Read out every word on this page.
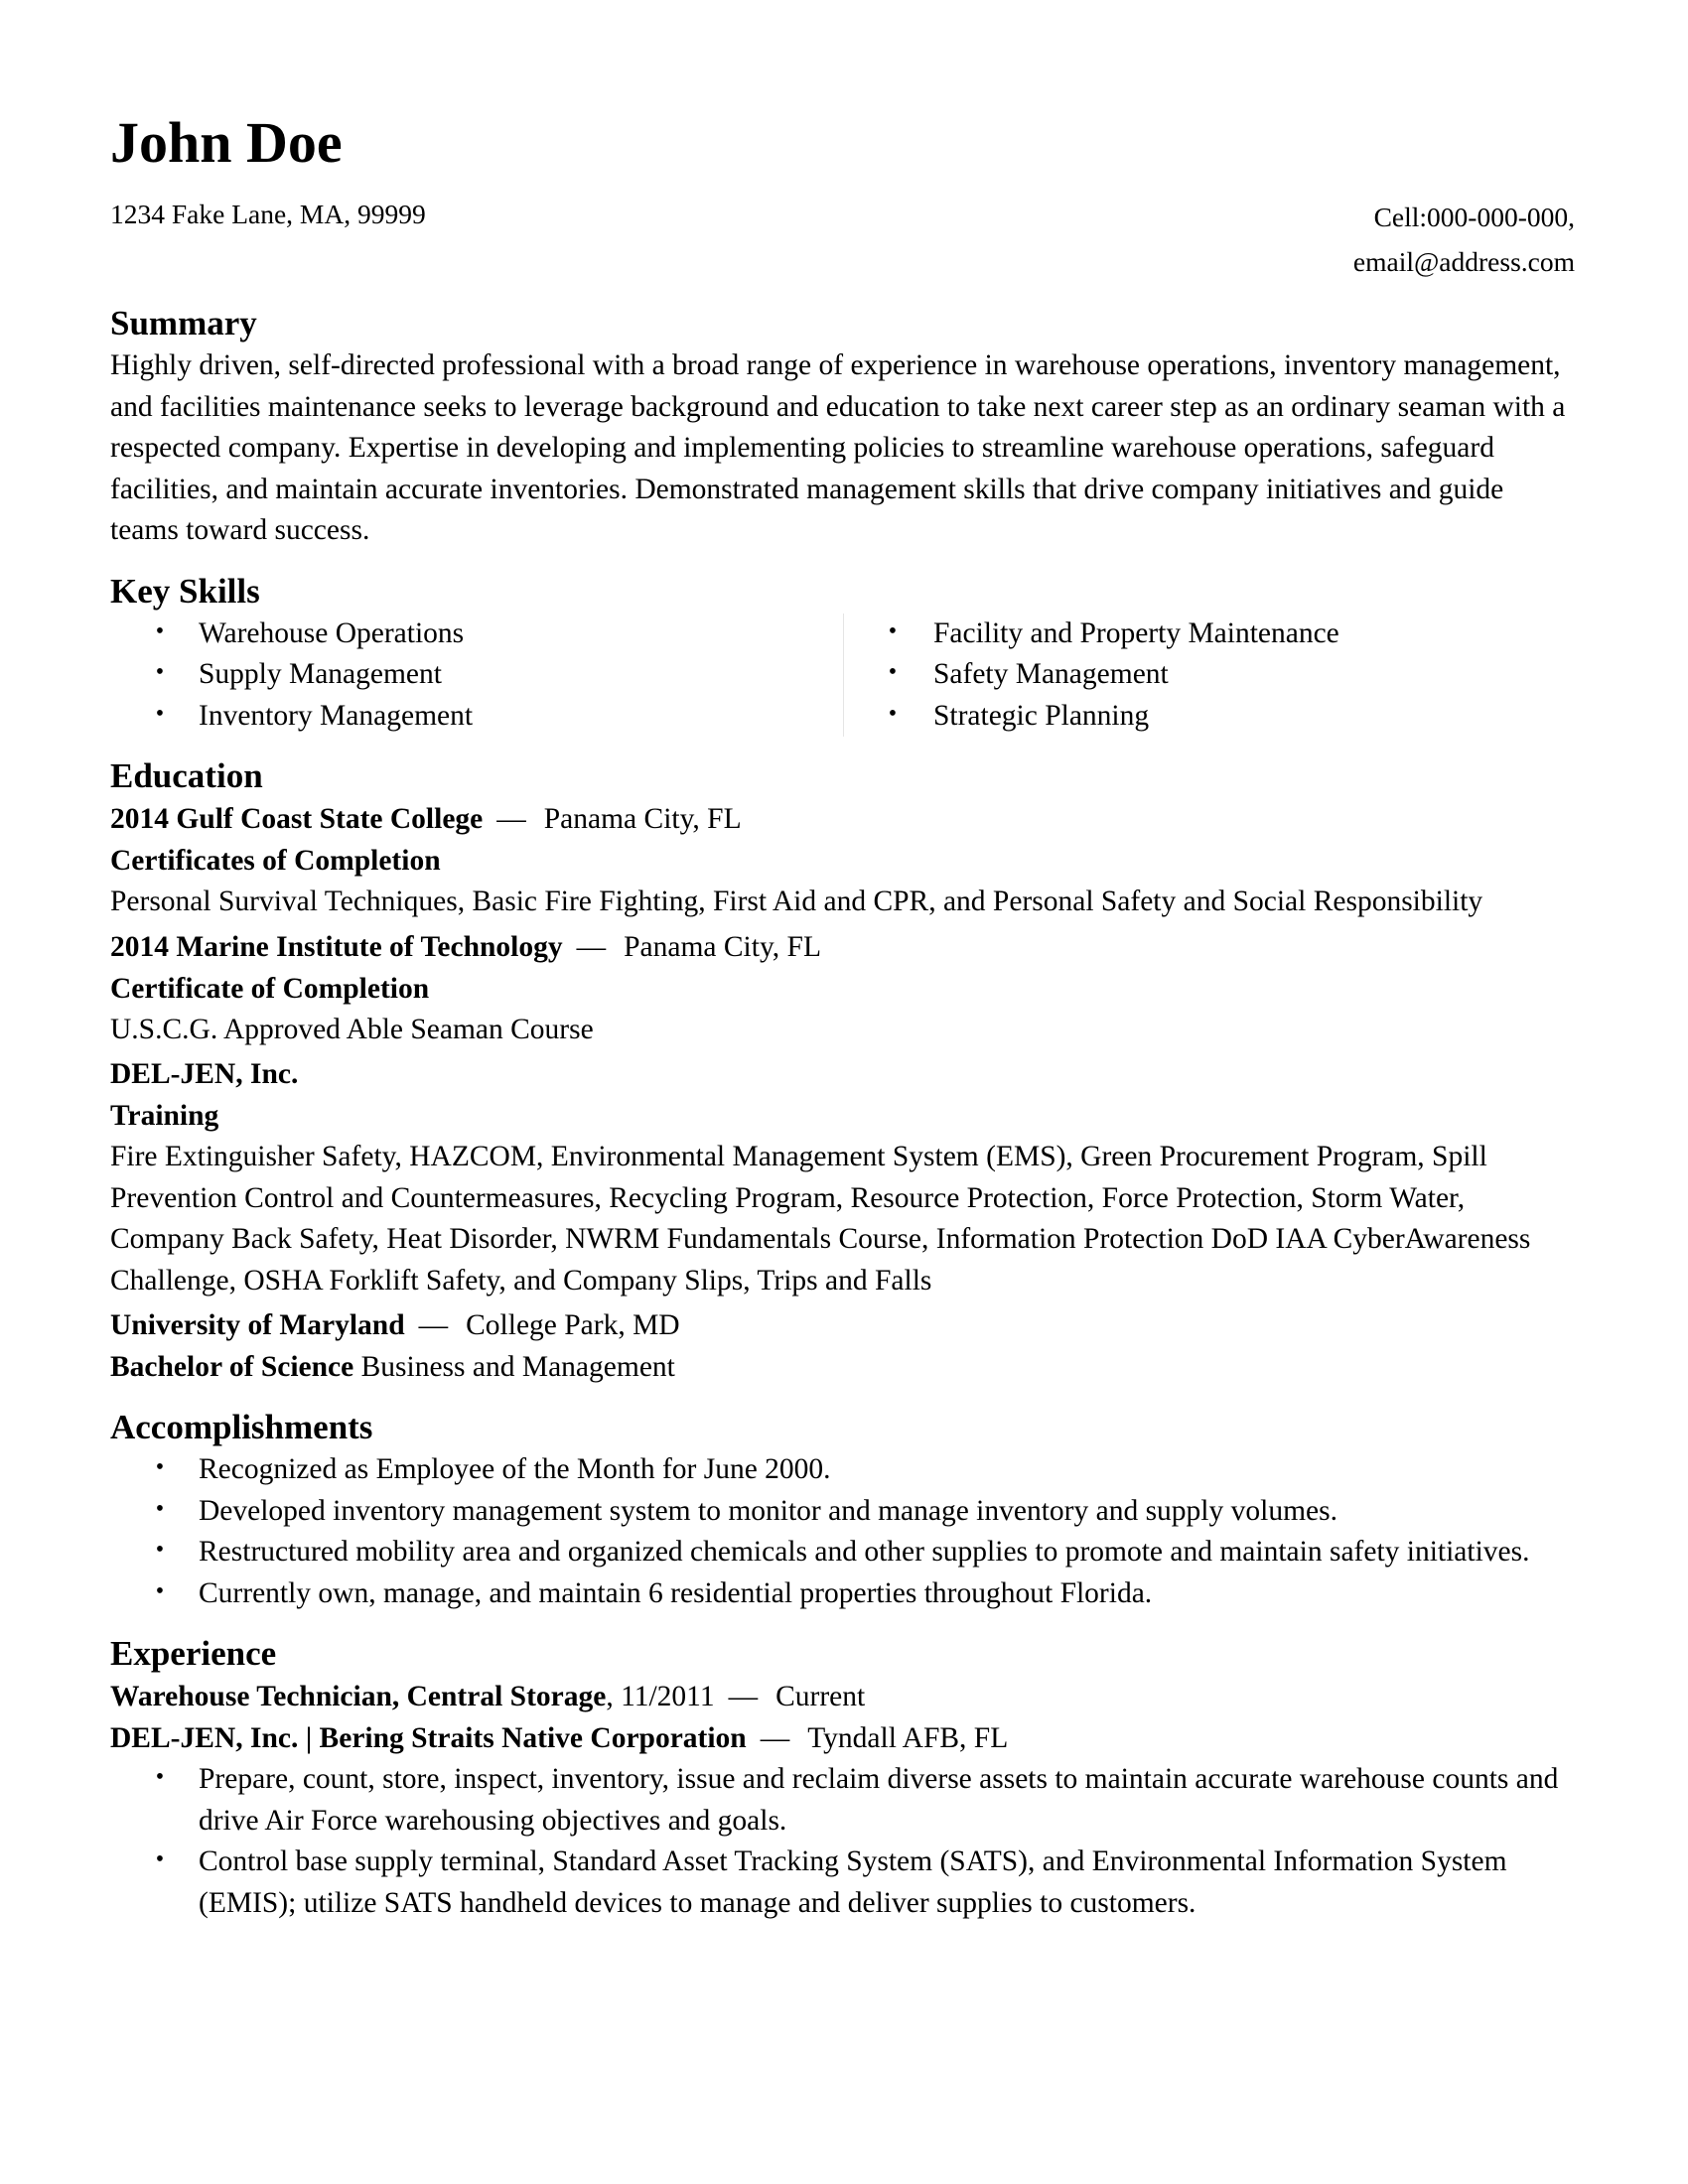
John Doe
1234 Fake Lane, MA, 99999	Cell:000-000-000,
email@address.com
Summary

Highly driven, self-directed professional with a broad range of experience in warehouse operations, inventory management, and facilities maintenance seeks to leverage background and education to take next career step as an ordinary seaman with a respected company. Expertise in developing and implementing policies to streamline warehouse operations, safeguard facilities, and maintain accurate inventories. Demonstrated management skills that drive company initiatives and guide teams toward success.

Key Skills
• Warehouse Operations
• Supply Management
• Inventory Management
• Facility and Property Maintenance
• Safety Management
• Strategic Planning
Education
2014 Gulf Coast State College — Panama City, FL
Certificates of Completion

Personal Survival Techniques, Basic Fire Fighting, First Aid and CPR, and Personal Safety and Social Responsibility

2014 Marine Institute of Technology — Panama City, FL
Certificate of Completion

U.S.C.G. Approved Able Seaman Course

DEL-JEN, Inc.
Training

Fire Extinguisher Safety, HAZCOM, Environmental Management System (EMS), Green Procurement Program, Spill Prevention Control and Countermeasures, Recycling Program, Resource Protection, Force Protection, Storm Water, Company Back Safety, Heat Disorder, NWRM Fundamentals Course, Information Protection DoD IAA CyberAwareness Challenge, OSHA Forklift Safety, and Company Slips, Trips and Falls

University of Maryland — College Park, MD
Bachelor of Science Business and Management
Accomplishments
• Recognized as Employee of the Month for June 2000.
• Developed inventory management system to monitor and manage inventory and supply volumes.
• Restructured mobility area and organized chemicals and other supplies to promote and maintain safety initiatives.
• Currently own, manage, and maintain 6 residential properties throughout Florida.
Experience
Warehouse Technician, Central Storage, 11/2011 — Current
DEL-JEN, Inc. | Bering Straits Native Corporation — Tyndall AFB, FL
• Prepare, count, store, inspect, inventory, issue and reclaim diverse assets to maintain accurate warehouse counts and drive Air Force warehousing objectives and goals.
• Control base supply terminal, Standard Asset Tracking System (SATS), and Environmental Information System (EMIS); utilize SATS handheld devices to manage and deliver supplies to customers.
